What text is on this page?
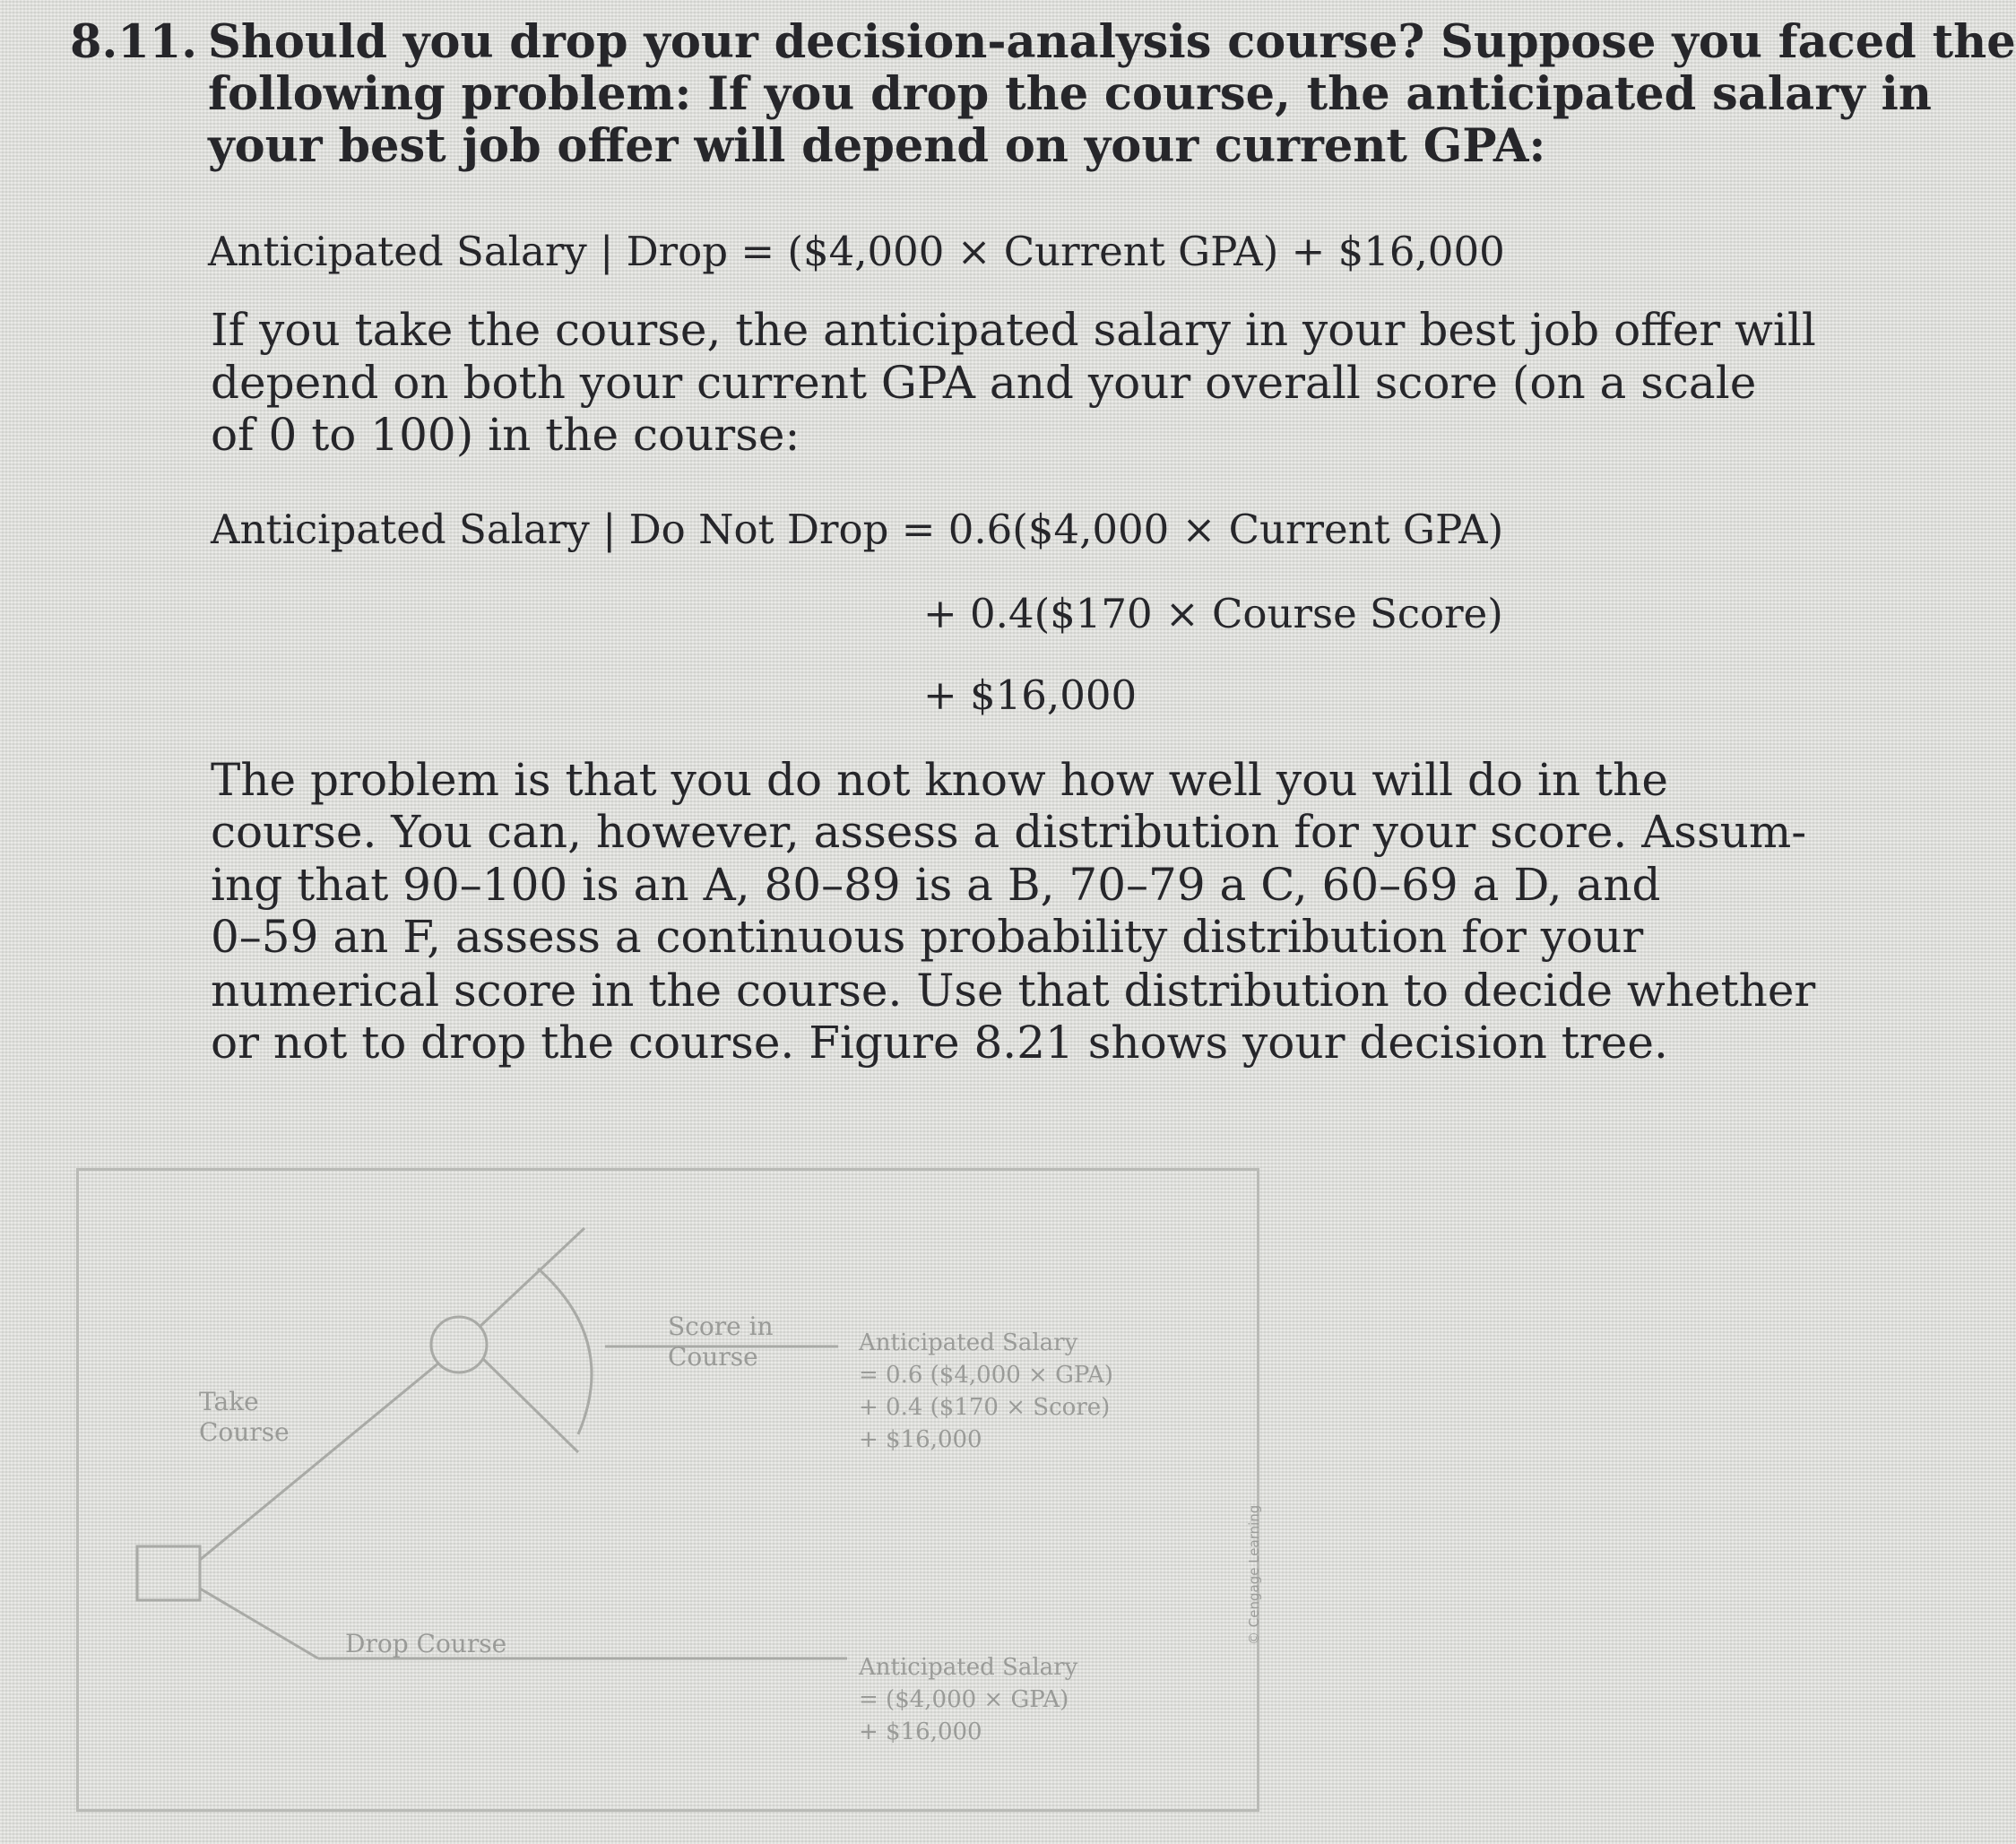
8.11. Should you drop your decision-analysis course? Suppose you faced the
following problem: If you drop the course, the anticipated salary in
your best job offer will depend on your current GPA:
Anticipated Salary | Drop = ($4,000 × Current GPA) + $16,000
If you take the course, the anticipated salary in your best job offer will
depend on both your current GPA and your overall score (on a scale
of 0 to 100) in the course:
Anticipated Salary | Do Not Drop = 0.6($4,000 × Current GPA)
+ 0.4($170 × Course Score)
+ $16,000
The problem is that you do not know how well you will do in the
course. You can, however, assess a distribution for your score. Assum-
ing that 90–100 is an A, 80–89 is a B, 70–79 a C, 60–69 a D, and
0–59 an F, assess a continuous probability distribution for your
numerical score in the course. Use that distribution to decide whether
or not to drop the course. Figure 8.21 shows your decision tree.
Take
Course
Score in
Course	Anticipated Salary
= 0.6 ($4,000 × GPA)
+ 0.4 ($170 × Score)
+ $16,000
Drop Course
Anticipated Salary
= ($4,000 × GPA)
+ $16,000
© Cengage Learning
